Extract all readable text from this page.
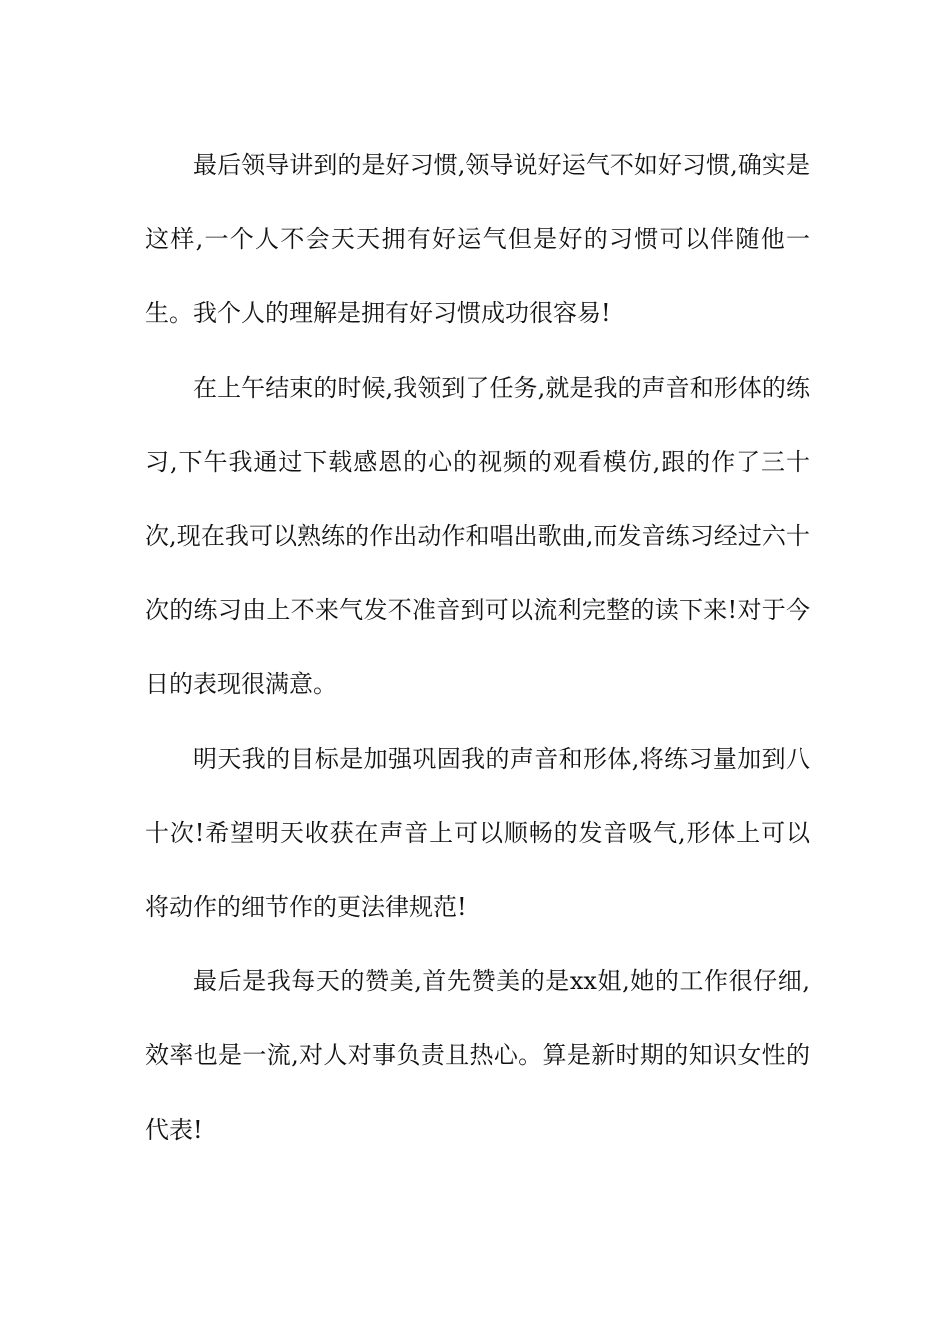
最后领导讲到的是好习惯,领导说好运气不如好习惯,确实是这样,一个人不会天天拥有好运气但是好的习惯可以伴随他一生。我个人的理解是拥有好习惯成功很容易!

在上午结束的时候,我领到了任务,就是我的声音和形体的练习,下午我通过下载感恩的心的视频的观看模仿,跟的作了三十次,现在我可以熟练的作出动作和唱出歌曲,而发音练习经过六十次的练习由上不来气发不准音到可以流利完整的读下来!对于今日的表现很满意。

明天我的目标是加强巩固我的声音和形体,将练习量加到八十次!希望明天收获在声音上可以顺畅的发音吸气,形体上可以将动作的细节作的更法律规范!

最后是我每天的赞美,首先赞美的是xx姐,她的工作很仔细,效率也是一流,对人对事负责且热心。算是新时期的知识女性的代表!
